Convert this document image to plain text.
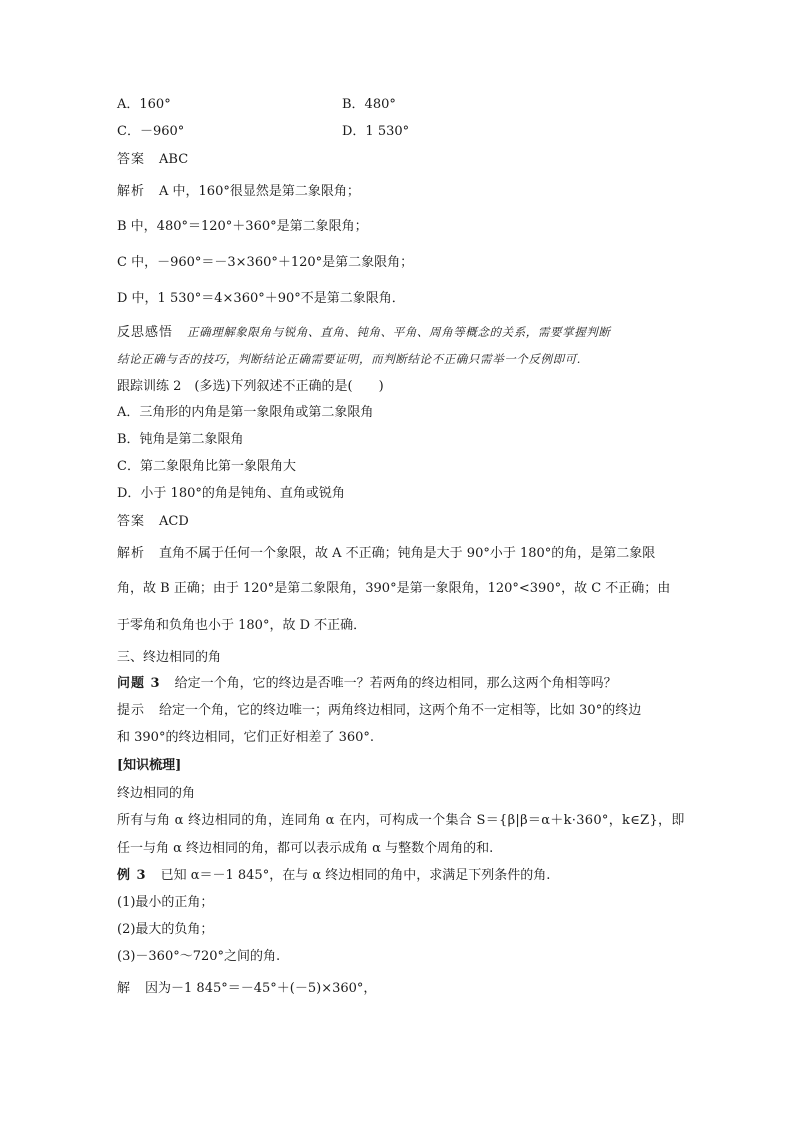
A．160°	B．480°
C．－960°	D．1 530°
答案 ABC
解析 A 中，160°很显然是第二象限角；
B 中，480°＝120°＋360°是第二象限角；
C 中，－960°＝－3×360°＋120°是第二象限角；
D 中，1 530°＝4×360°＋90°不是第二象限角．
反思感悟 正确理解象限角与锐角、直角、钝角、平角、周角等概念的关系，需要掌握判断
结论正确与否的技巧，判断结论正确需要证明，而判断结论不正确只需举一个反例即可.
跟踪训练 2　(多选)下列叙述不正确的是(　　)
A．三角形的内角是第一象限角或第二象限角
B．钝角是第二象限角
C．第二象限角比第一象限角大
D．小于 180°的角是钝角、直角或锐角
答案 ACD
解析 直角不属于任何一个象限，故 A 不正确；钝角是大于 90°小于 180°的角，是第二象限
角，故 B 正确；由于 120°是第二象限角，390°是第一象限角，120°<390°，故 C 不正确；由
于零角和负角也小于 180°，故 D 不正确．
三、终边相同的角
问题 3 给定一个角，它的终边是否唯一？若两角的终边相同，那么这两个角相等吗？
提示 给定一个角，它的终边唯一；两角终边相同，这两个角不一定相等，比如 30°的终边
和 390°的终边相同，它们正好相差了 360°.
[知识梳理]
终边相同的角
所有与角 α 终边相同的角，连同角 α 在内，可构成一个集合 S＝{β|β＝α＋k·360°，k∈Z}，即
任一与角 α 终边相同的角，都可以表示成角 α 与整数个周角的和.
例 3 已知 α＝－1 845°，在与 α 终边相同的角中，求满足下列条件的角.
(1)最小的正角；
(2)最大的负角；
(3)－360°～720°之间的角.
解 因为－1 845°＝－45°＋(－5)×360°，
